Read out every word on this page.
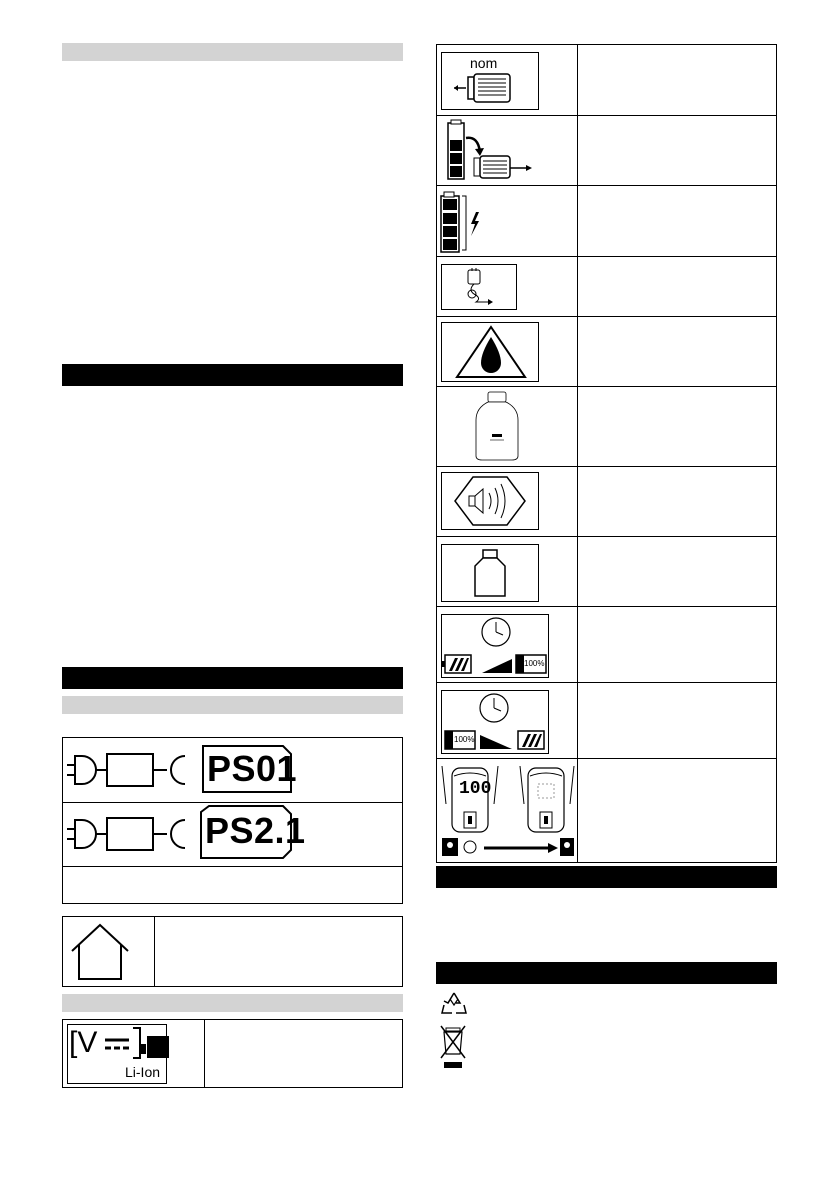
PS01
PS2.1
[V
Li-Ion
nom
100%
100%
100
